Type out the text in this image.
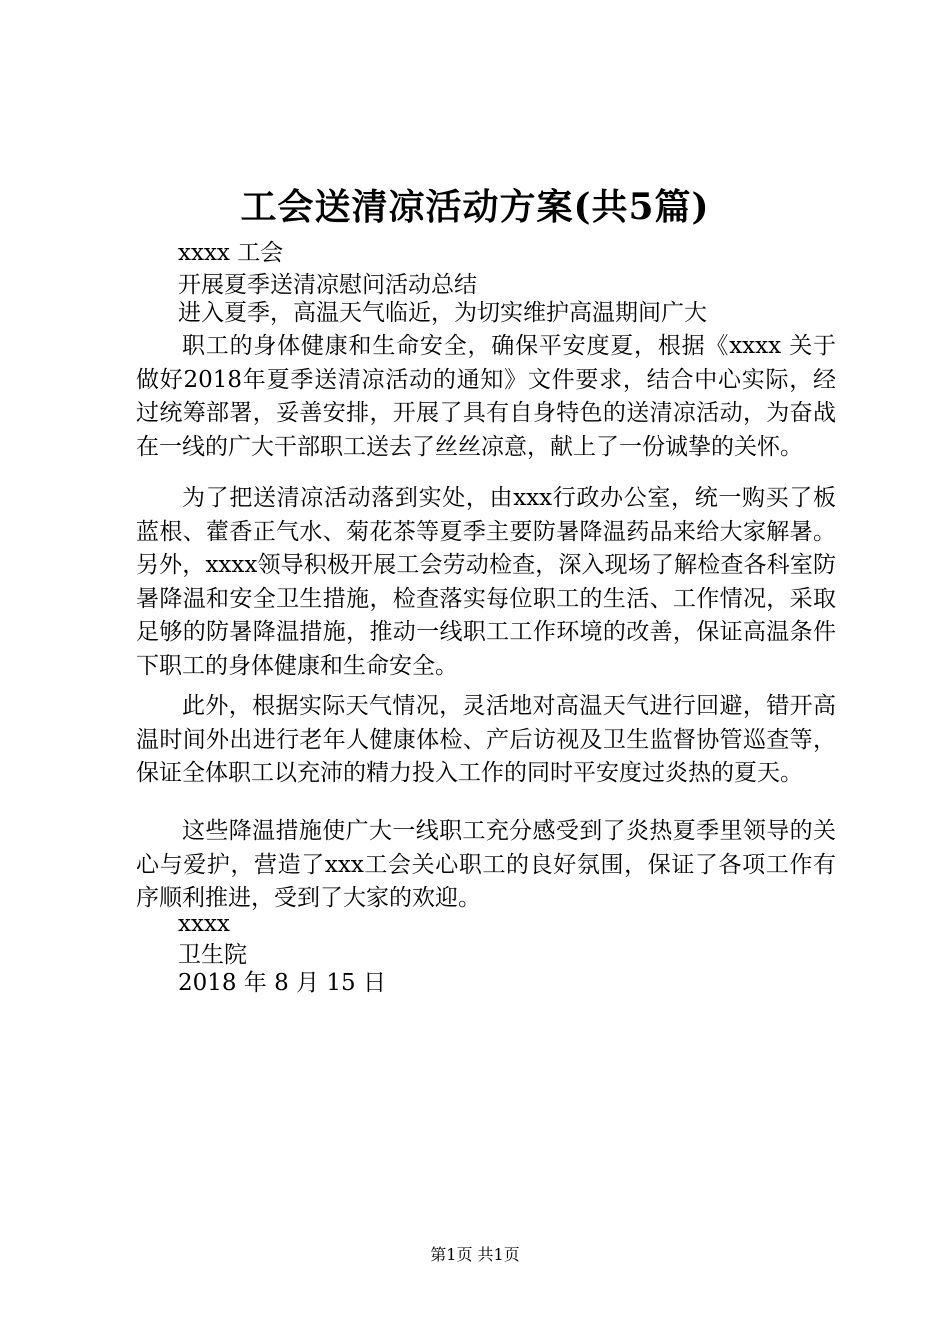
工会送清凉活动方案(共5篇)
xxxx 工会
开展夏季送清凉慰问活动总结
进入夏季，高温天气临近，为切实维护高温期间广大

职工的身体健康和生命安全，确保平安度夏，根据《xxxx 关于做好2018年夏季送清凉活动的通知》文件要求，结合中心实际，经过统筹部署，妥善安排，开展了具有自身特色的送清凉活动，为奋战在一线的广大干部职工送去了丝丝凉意，献上了一份诚挚的关怀。

为了把送清凉活动落到实处，由xxx行政办公室，统一购买了板蓝根、藿香正气水、菊花茶等夏季主要防暑降温药品来给大家解暑。另外，xxxx领导积极开展工会劳动检查，深入现场了解检查各科室防暑降温和安全卫生措施，检查落实每位职工的生活、工作情况，采取足够的防暑降温措施，推动一线职工工作环境的改善，保证高温条件下职工的身体健康和生命安全。

此外，根据实际天气情况，灵活地对高温天气进行回避，错开高温时间外出进行老年人健康体检、产后访视及卫生监督协管巡查等，保证全体职工以充沛的精力投入工作的同时平安度过炎热的夏天。

这些降温措施使广大一线职工充分感受到了炎热夏季里领导的关心与爱护，营造了xxx工会关心职工的良好氛围，保证了各项工作有序顺利推进，受到了大家的欢迎。

xxxx
卫生院
2018 年 8 月 15 日
第1页 共1页
